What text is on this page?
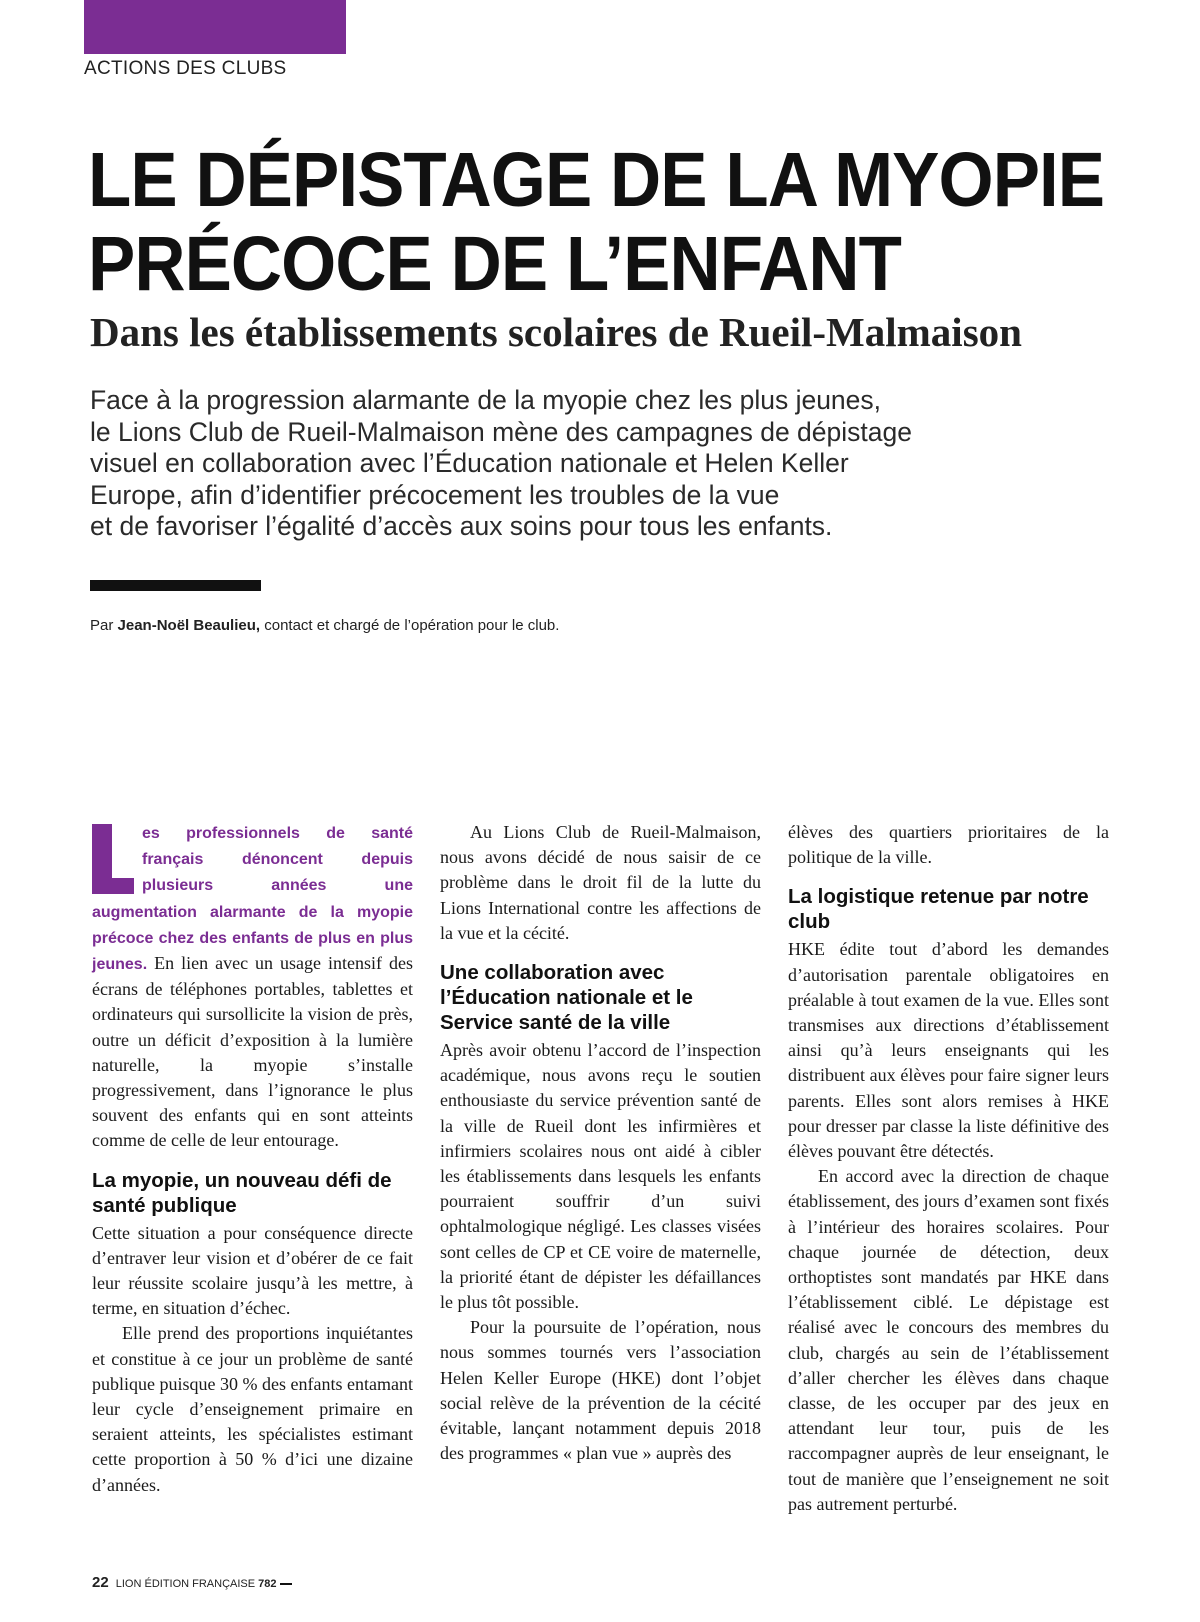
ACTIONS DES CLUBS
LE DÉPISTAGE DE LA MYOPIE
PRÉCOCE DE L’ENFANT
Dans les établissements scolaires de Rueil-Malmaison
Face à la progression alarmante de la myopie chez les plus jeunes,
le Lions Club de Rueil-Malmaison mène des campagnes de dépistage
visuel en collaboration avec l’Éducation nationale et Helen Keller
Europe, afin d’identifier précocement les troubles de la vue
et de favoriser l’égalité d’accès aux soins pour tous les enfants.
Par Jean-Noël Beaulieu, contact et chargé de l’opération pour le club.

es professionnels de santé français dénoncent depuis plusieurs années une augmentation alarmante de la myopie précoce chez des enfants de plus en plus jeunes. En lien avec un usage intensif des écrans de téléphones portables, tablettes et ordinateurs qui sursollicite la vision de près, outre un déficit d’exposition à la lumière naturelle, la myopie s’installe progressivement, dans l’ignorance le plus souvent des enfants qui en sont atteints comme de celle de leur entourage.

La myopie, un nouveau défi de santé publique

Cette situation a pour conséquence directe d’entraver leur vision et d’obérer de ce fait leur réussite scolaire jusqu’à les mettre, à terme, en situation d’échec.

Elle prend des proportions inquiétantes et constitue à ce jour un problème de santé publique puisque 30 % des enfants entamant leur cycle d’enseignement primaire en seraient atteints, les spécialistes estimant cette proportion à 50 % d’ici une dizaine d’années.

Au Lions Club de Rueil-Malmaison, nous avons décidé de nous saisir de ce problème dans le droit fil de la lutte du Lions International contre les affections de la vue et la cécité.

Une collaboration avec l’Éducation nationale et le Service santé de la ville

Après avoir obtenu l’accord de l’inspection académique, nous avons reçu le soutien enthousiaste du service prévention santé de la ville de Rueil dont les infirmières et infirmiers scolaires nous ont aidé à cibler les établissements dans lesquels les enfants pourraient souffrir d’un suivi ophtalmologique négligé. Les classes visées sont celles de CP et CE voire de maternelle, la priorité étant de dépister les défaillances le plus tôt possible.

Pour la poursuite de l’opération, nous nous sommes tournés vers l’association Helen Keller Europe (HKE) dont l’objet social relève de la prévention de la cécité évitable, lançant notamment depuis 2018 des programmes « plan vue » auprès des

élèves des quartiers prioritaires de la politique de la ville.

La logistique retenue par notre club

HKE édite tout d’abord les demandes d’autorisation parentale obligatoires en préalable à tout examen de la vue. Elles sont transmises aux directions d’établissement ainsi qu’à leurs enseignants qui les distribuent aux élèves pour faire signer leurs parents. Elles sont alors remises à HKE pour dresser par classe la liste définitive des élèves pouvant être détectés.

En accord avec la direction de chaque établissement, des jours d’examen sont fixés à l’intérieur des horaires scolaires. Pour chaque journée de détection, deux orthoptistes sont mandatés par HKE dans l’établissement ciblé. Le dépistage est réalisé avec le concours des membres du club, chargés au sein de l’établissement d’aller chercher les élèves dans chaque classe, de les occuper par des jeux en attendant leur tour, puis de les raccompagner auprès de leur enseignant, le tout de manière que l’enseignement ne soit pas autrement perturbé.

22 LION ÉDITION FRANÇAISE 782
